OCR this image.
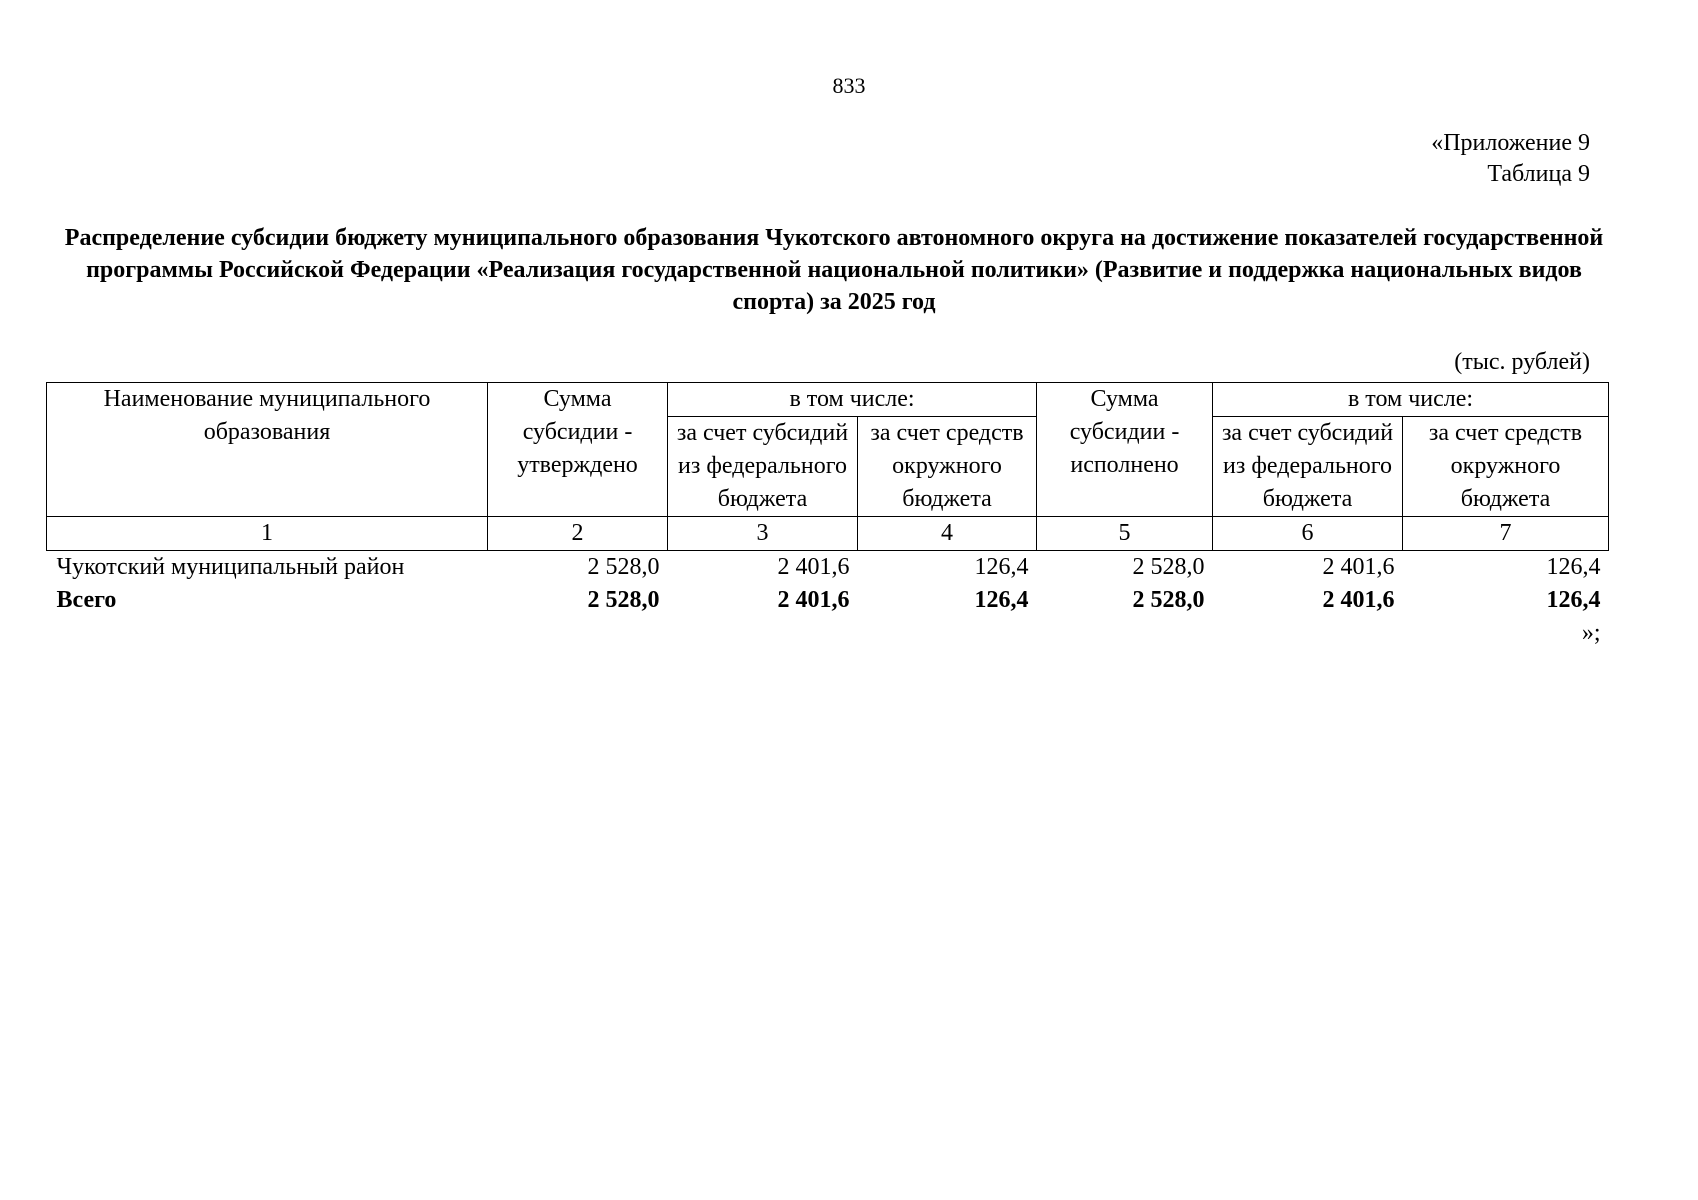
833
«Приложение 9
Таблица 9
Распределение субсидии бюджету муниципального образования Чукотского автономного округа на достижение показателей государственной программы Российской Федерации «Реализация государственной национальной политики» (Развитие и поддержка национальных видов спорта) за 2025 год
(тыс. рублей)
Наименование муниципального образования	Сумма субсидии - утверждено	в том числе:		Сумма субсидии - исполнено	в том числе:	
		за счет субсидий из федерального бюджета	за счет средств окружного бюджета		за счет субсидий из федерального бюджета	за счет средств окружного бюджета
1	2	3	4	5	6	7
Чукотский муниципальный район	2 528,0	2 401,6	126,4	2 528,0	2 401,6	126,4
Всего	2 528,0	2 401,6	126,4	2 528,0	2 401,6	126,4
»;						
